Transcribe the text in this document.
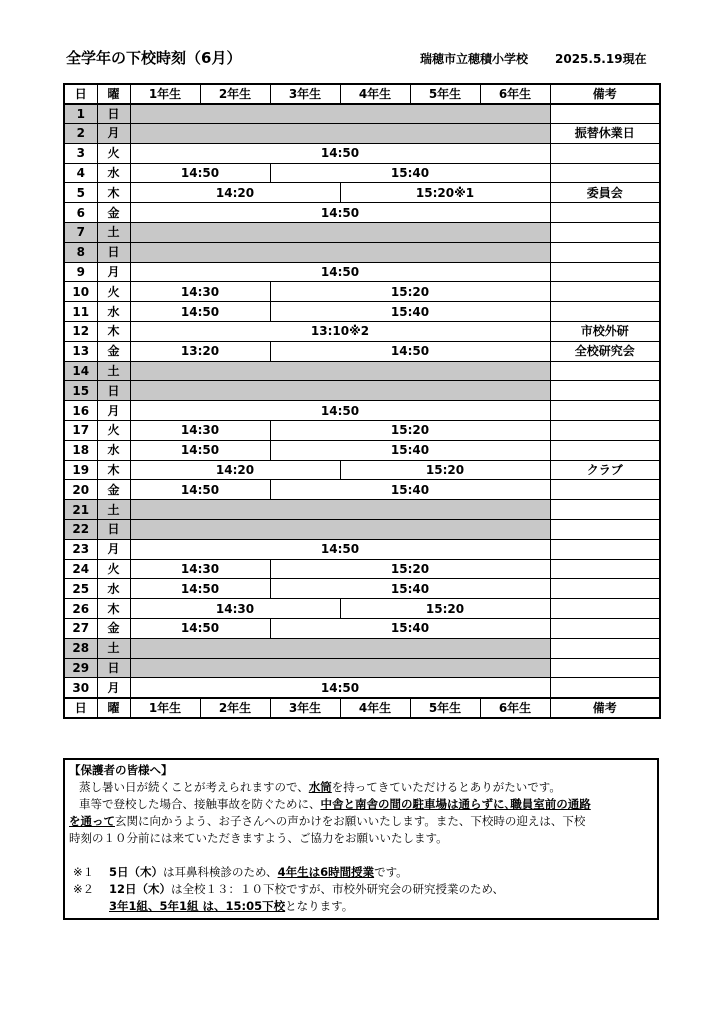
全学年の下校時刻（6月）	瑞穂市立穂積小学校 2025.5.19現在
日	曜	1年生	2年生	3年生	4年生	5年生	6年生	備考
1	日							
2	月							振替休業日
3	火	14:50						
4	水	14:50		15:40				
5	木	14:20			15:20※1			委員会
6	金	14:50						
7	土							
8	日							
9	月	14:50						
10	火	14:30		15:20				
11	水	14:50		15:40				
12	木	13:10※2						市校外研
13	金	13:20		14:50				全校研究会
14	土							
15	日							
16	月	14:50						
17	火	14:30		15:20				
18	水	14:50		15:40				
19	木	14:20			15:20			クラブ
20	金	14:50		15:40				
21	土							
22	日							
23	月	14:50						
24	火	14:30		15:20				
25	水	14:50		15:40				
26	木	14:30			15:20			
27	金	14:50		15:40				
28	土							
29	日							
30	月	14:50						
日	曜	1年生	2年生	3年生	4年生	5年生	6年生	備考

【保護者の皆様へ】

蒸し暑い日が続くことが考えられますので、水筒を持ってきていただけるとありがたいです。

車等で登校した場合、接触事故を防ぐために、中舎と南舎の間の駐車場は通らずに､職員室前の通路

を通って玄関に向かうよう、お子さんへの声かけをお願いいたします。また、下校時の迎えは、下校

時刻の１０分前には来ていただきますよう、ご協力をお願いいたします。

※１	5日（木）は耳鼻科検診のため、4年生は6時間授業です。

※２	12日（木）は全校１３：１０下校ですが、市校外研究会の研究授業のため、

3年1組、5年1組 は、15:05下校となります。
